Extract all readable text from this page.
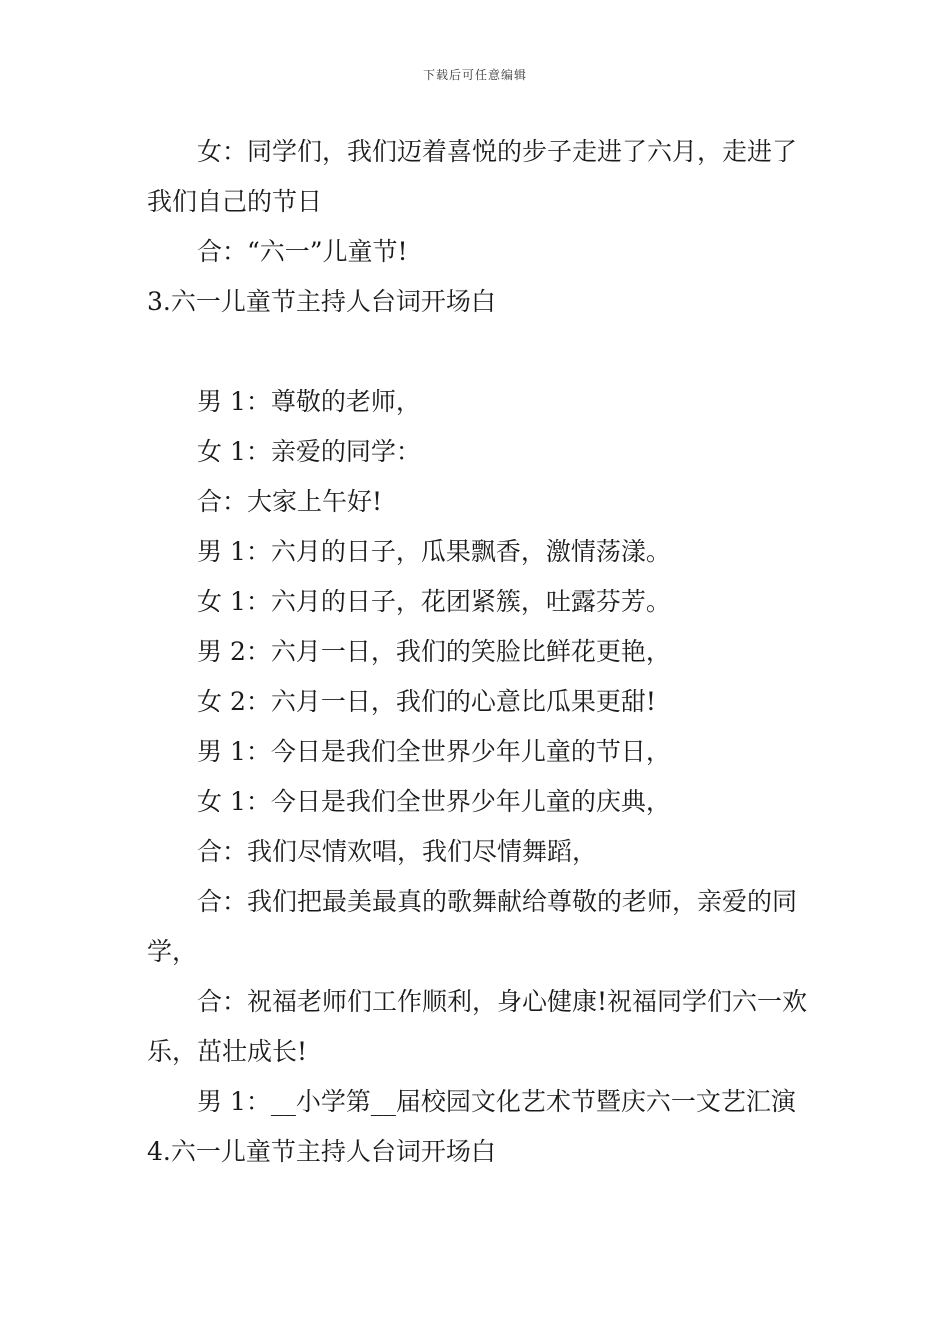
下载后可任意编辑

女：同学们，我们迈着喜悦的步子走进了六月，走进了我们自己的节日

合：“六一”儿童节!

3.六一儿童节主持人台词开场白

男 1：尊敬的老师，

女 1：亲爱的同学：

合：大家上午好!

男 1：六月的日子，瓜果飘香，激情荡漾。

女 1：六月的日子，花团紧簇，吐露芬芳。

男 2：六月一日，我们的笑脸比鲜花更艳，

女 2：六月一日，我们的心意比瓜果更甜!

男 1：今日是我们全世界少年儿童的节日，

女 1：今日是我们全世界少年儿童的庆典，

合：我们尽情欢唱，我们尽情舞蹈，

合：我们把最美最真的歌舞献给尊敬的老师，亲爱的同学，

合：祝福老师们工作顺利，身心健康!祝福同学们六一欢乐，茁壮成长!

男 1：__小学第__届校园文化艺术节暨庆六一文艺汇演

4.六一儿童节主持人台词开场白
